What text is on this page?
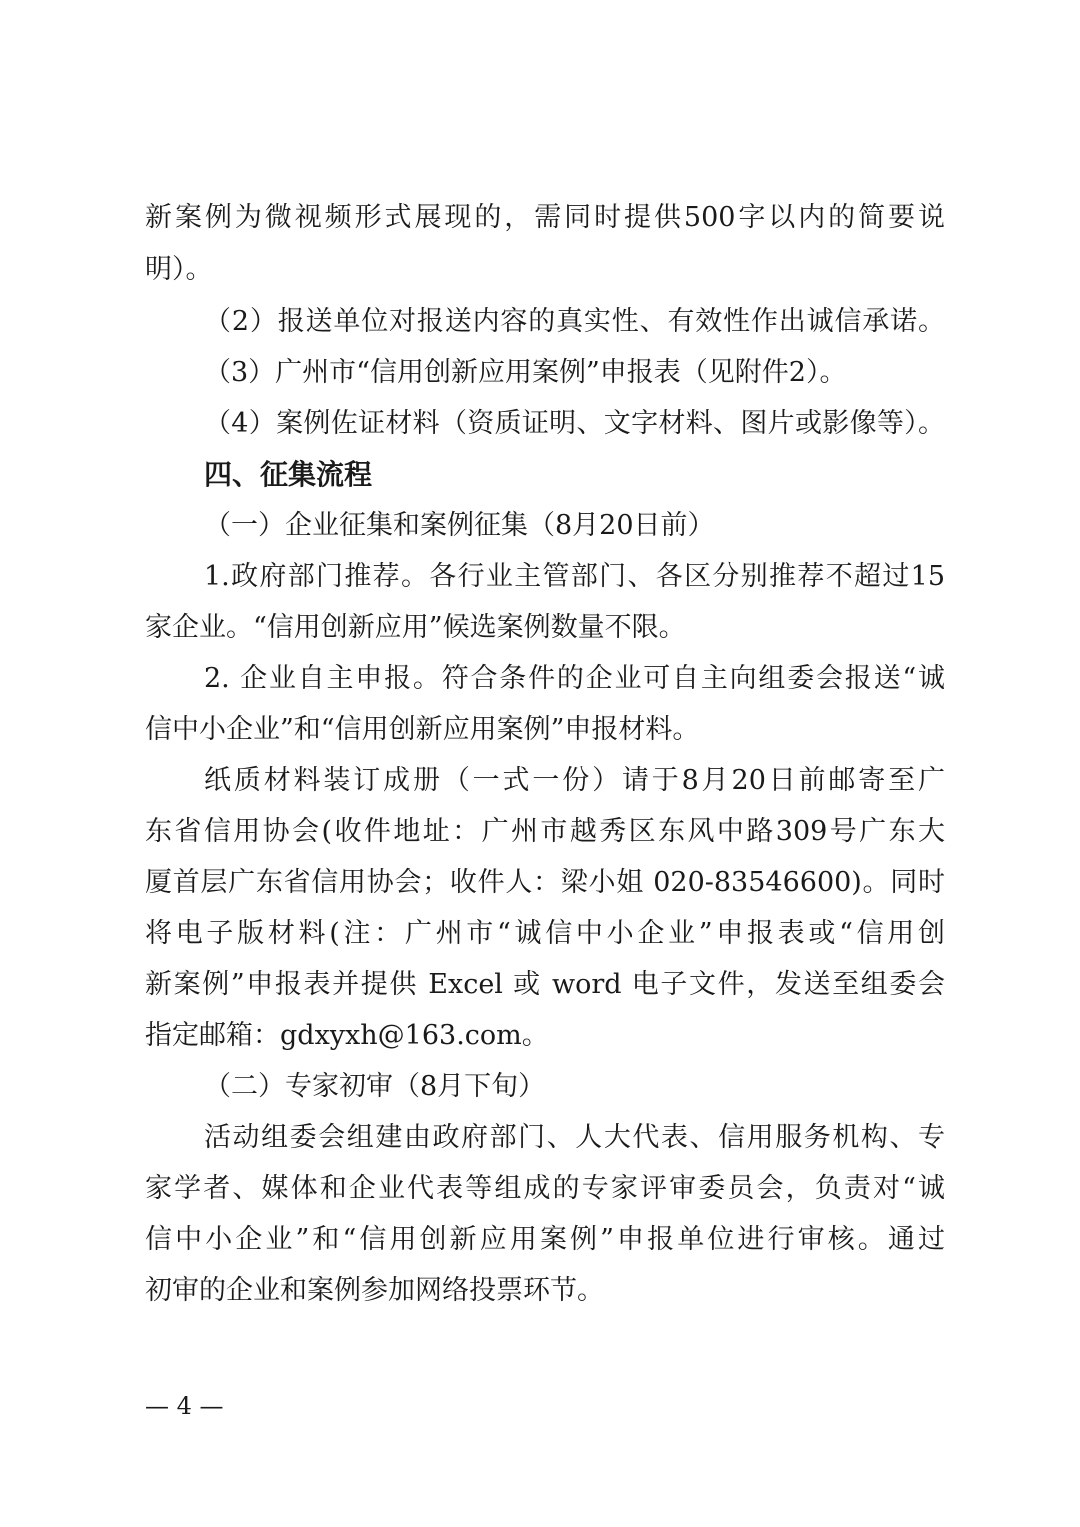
新案例为微视频形式展现的，需同时提供500字以内的简要说
明）。
（2）报送单位对报送内容的真实性、有效性作出诚信承诺。
（3）广州市“信用创新应用案例”申报表（见附件2）。
（4）案例佐证材料（资质证明、文字材料、图片或影像等）。
四、征集流程
（一）企业征集和案例征集（8月20日前）
1.政府部门推荐。各行业主管部门、各区分别推荐不超过15
家企业。“信用创新应用”候选案例数量不限。
2. 企业自主申报。符合条件的企业可自主向组委会报送“诚
信中小企业”和“信用创新应用案例”申报材料。
纸质材料装订成册（一式一份）请于8月20日前邮寄至广
东省信用协会(收件地址：广州市越秀区东风中路309号广东大
厦首层广东省信用协会；收件人：梁小姐 020-83546600)。同时
将电子版材料(注：广州市“诚信中小企业”申报表或“信用创
新案例”申报表并提供 Excel 或 word 电子文件，发送至组委会
指定邮箱：gdxyxh@163.com。
（二）专家初审（8月下旬）
活动组委会组建由政府部门、人大代表、信用服务机构、专
家学者、媒体和企业代表等组成的专家评审委员会，负责对“诚
信中小企业”和“信用创新应用案例”申报单位进行审核。通过
初审的企业和案例参加网络投票环节。
— 4 —
